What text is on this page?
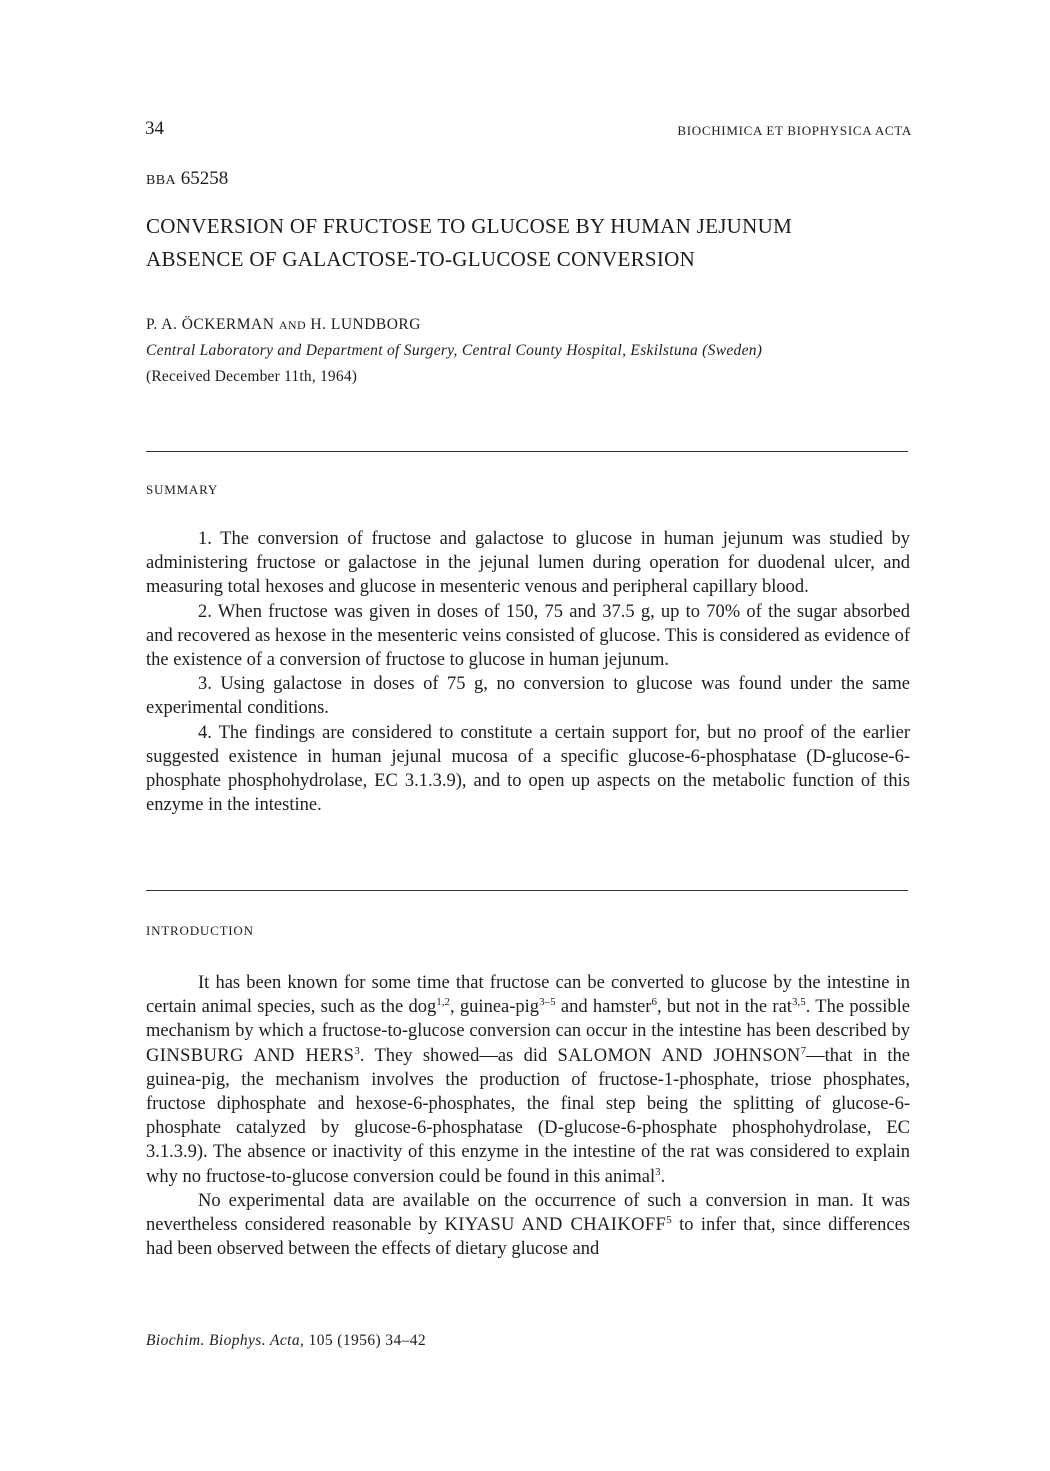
34	BIOCHIMICA ET BIOPHYSICA ACTA
BBA 65258
CONVERSION OF FRUCTOSE TO GLUCOSE BY HUMAN JEJUNUM
ABSENCE OF GALACTOSE-TO-GLUCOSE CONVERSION
P. A. ÖCKERMAN AND H. LUNDBORG
Central Laboratory and Department of Surgery, Central County Hospital, Eskilstuna (Sweden)
(Received December 11th, 1964)
SUMMARY

1. The conversion of fructose and galactose to glucose in human jejunum was studied by administering fructose or galactose in the jejunal lumen during operation for duodenal ulcer, and measuring total hexoses and glucose in mesenteric venous and peripheral capillary blood.

2. When fructose was given in doses of 150, 75 and 37.5 g, up to 70% of the sugar absorbed and recovered as hexose in the mesenteric veins consisted of glucose. This is considered as evidence of the existence of a conversion of fructose to glucose in human jejunum.

3. Using galactose in doses of 75 g, no conversion to glucose was found under the same experimental conditions.

4. The findings are considered to constitute a certain support for, but no proof of the earlier suggested existence in human jejunal mucosa of a specific glucose-6-phosphatase (D-glucose-6-phosphate phosphohydrolase, EC 3.1.3.9), and to open up aspects on the metabolic function of this enzyme in the intestine.

INTRODUCTION

It has been known for some time that fructose can be converted to glucose by the intestine in certain animal species, such as the dog$^{1,2}$, guinea-pig$^{3-5}$ and hamster$^6$, but not in the rat$^{3,5}$. The possible mechanism by which a fructose-to-glucose conversion can occur in the intestine has been described by GINSBURG AND HERS$^3$. They showed—as did SALOMON AND JOHNSON$^7$—that in the guinea-pig, the mechanism involves the production of fructose-1-phosphate, triose phosphates, fructose diphosphate and hexose-6-phosphates, the final step being the splitting of glucose-6-phosphate catalyzed by glucose-6-phosphatase (D-glucose-6-phosphate phosphohydrolase, EC 3.1.3.9). The absence or inactivity of this enzyme in the intestine of the rat was considered to explain why no fructose-to-glucose conversion could be found in this animal$^3$.

No experimental data are available on the occurrence of such a conversion in man. It was nevertheless considered reasonable by KIYASU AND CHAIKOFF$^5$ to infer that, since differences had been observed between the effects of dietary glucose and

Biochim. Biophys. Acta, 105 (1956) 34–42
